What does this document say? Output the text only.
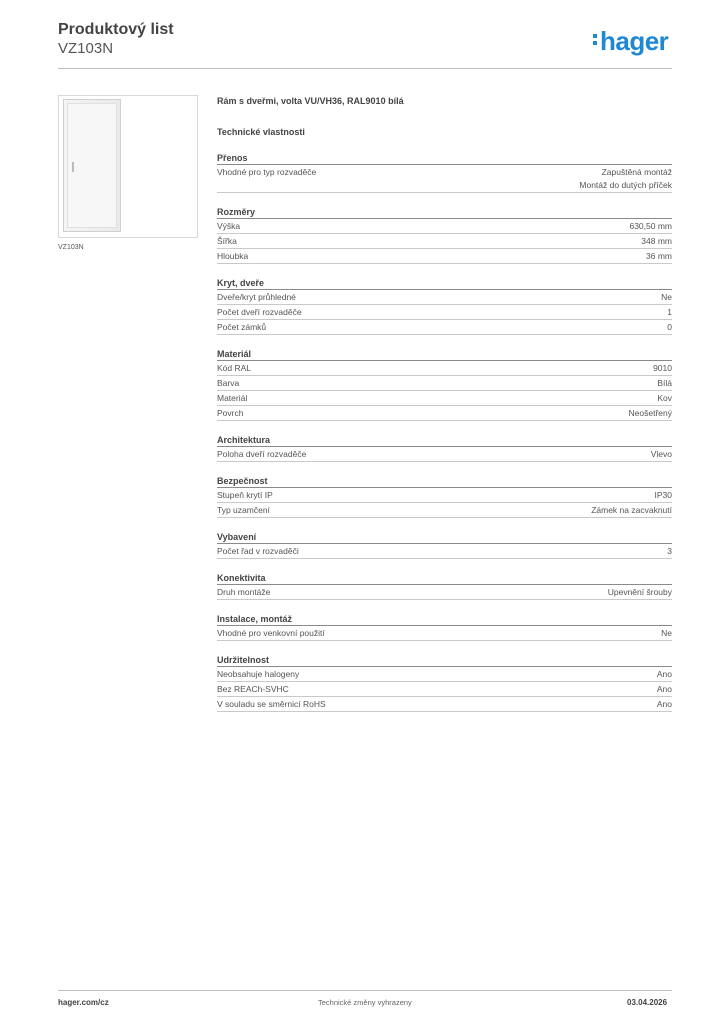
Produktový list
VZ103N	hager
VZ103N
Rám s dveřmi, volta VU/VH36, RAL9010 bílá
Technické vlastnosti
Přenos
Vhodné pro typ rozvaděče	Zapuštěná montáž
Montáž do dutých příček
Rozměry
Výška	630,50 mm
Šířka	348 mm
Hloubka	36 mm
Kryt, dveře
Dveře/kryt průhledné	Ne
Počet dveří rozvaděče	1
Počet zámků	0
Materiál
Kód RAL	9010
Barva	Bílá
Materiál	Kov
Povrch	Neošetřený
Architektura
Poloha dveří rozvaděče	Vlevo
Bezpečnost
Stupeň krytí IP	IP30
Typ uzamčení	Zámek na zacvaknutí
Vybavení
Počet řad v rozvaděči	3
Konektivita
Druh montáže	Upevnění šrouby
Instalace, montáž
Vhodné pro venkovní použití	Ne
Udržitelnost
Neobsahuje halogeny	Ano
Bez REACh-SVHC	Ano
V souladu se směrnicí RoHS	Ano
hager.com/cz	Technické změny vyhrazeny	03.04.2026
